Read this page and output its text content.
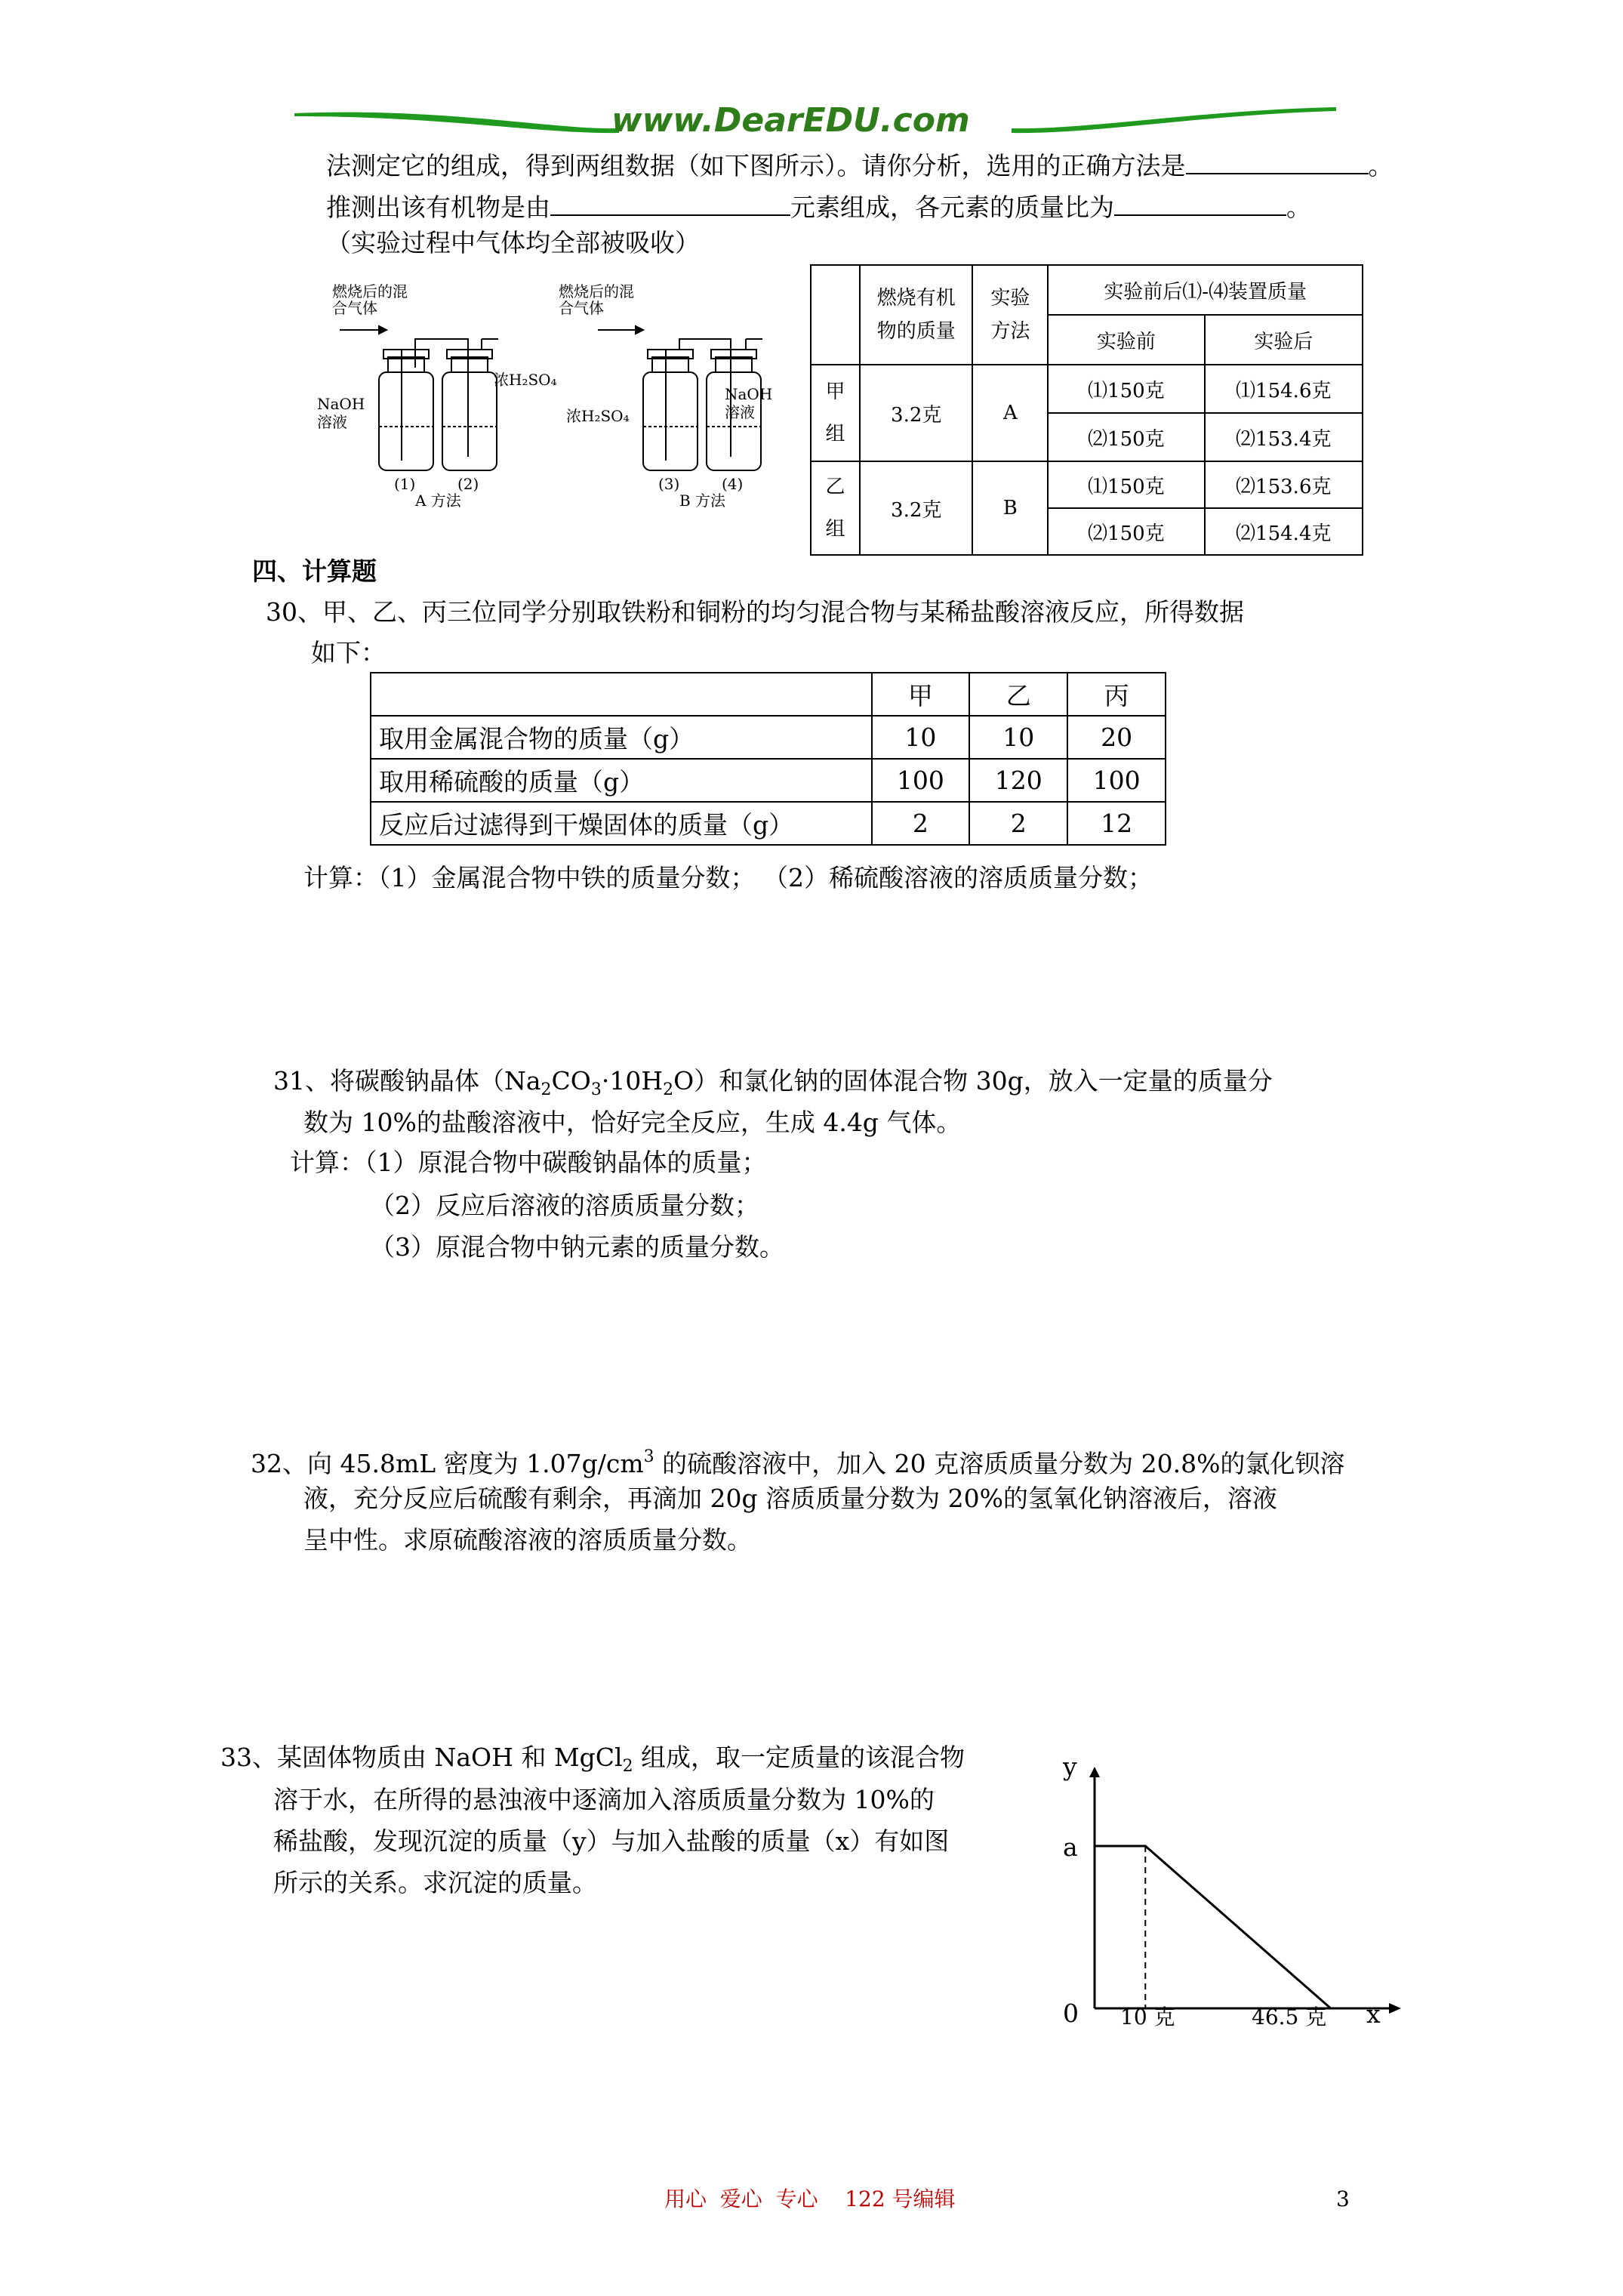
www.DearEDU.com
法测定它的组成，得到两组数据（如下图所示）。请你分析，选用的正确方法是	。
推测出该有机物是由	元素组成，各元素的质量比为	。
（实验过程中气体均全部被吸收）
燃烧后的混合气体
燃烧后的混合气体
NaOH溶液
浓H₂SO₄
浓H₂SO₄
NaOH溶液
(1)	(2)	(3)	(4)
A 方法	B 方法
	燃烧有机物的质量	实验方法	实验前后⑴-⑷装置质量	
			实验前	实验后
甲组	3.2克	A	⑴150克	⑴154.6克
			⑵150克	⑵153.4克
乙组	3.2克	B	⑴150克	⑵153.6克
			⑵150克	⑵154.4克
四、计算题
30、甲、乙、丙三位同学分别取铁粉和铜粉的均匀混合物与某稀盐酸溶液反应，所得数据
如下：
	甲	乙	丙
取用金属混合物的质量（g）	10	10	20
取用稀硫酸的质量（g）	100	120	100
反应后过滤得到干燥固体的质量（g）	2	2	12
计算：（1）金属混合物中铁的质量分数； （2）稀硫酸溶液的溶质质量分数；
31、将碳酸钠晶体$(Na_2CO_3\cdot 10H_2O)$和氯化钠的固体混合物 30g，放入一定量的质量分
数为 10%的盐酸溶液中，恰好完全反应，生成 4.4g 气体。
计算：（1）原混合物中碳酸钠晶体的质量；
（2）反应后溶液的溶质质量分数；
（3）原混合物中钠元素的质量分数。
32、向 45.8mL 密度为 $1.07g/cm^3$ 的硫酸溶液中，加入 20 克溶质质量分数为 20.8%的氯化钡溶
液，充分反应后硫酸有剩余，再滴加 20g 溶质质量分数为 20%的氢氧化钠溶液后，溶液
呈中性。求原硫酸溶液的溶质质量分数。
33、某固体物质由 NaOH 和 MgCl$_2$ 组成，取一定质量的该混合物
溶于水，在所得的悬浊液中逐滴加入溶质质量分数为 10%的
稀盐酸，发现沉淀的质量（y）与加入盐酸的质量（x）有如图
所示的关系。求沉淀的质量。
y
x
0
a
10 克	46.5 克
用心  爱心  专心    122 号编辑	3
